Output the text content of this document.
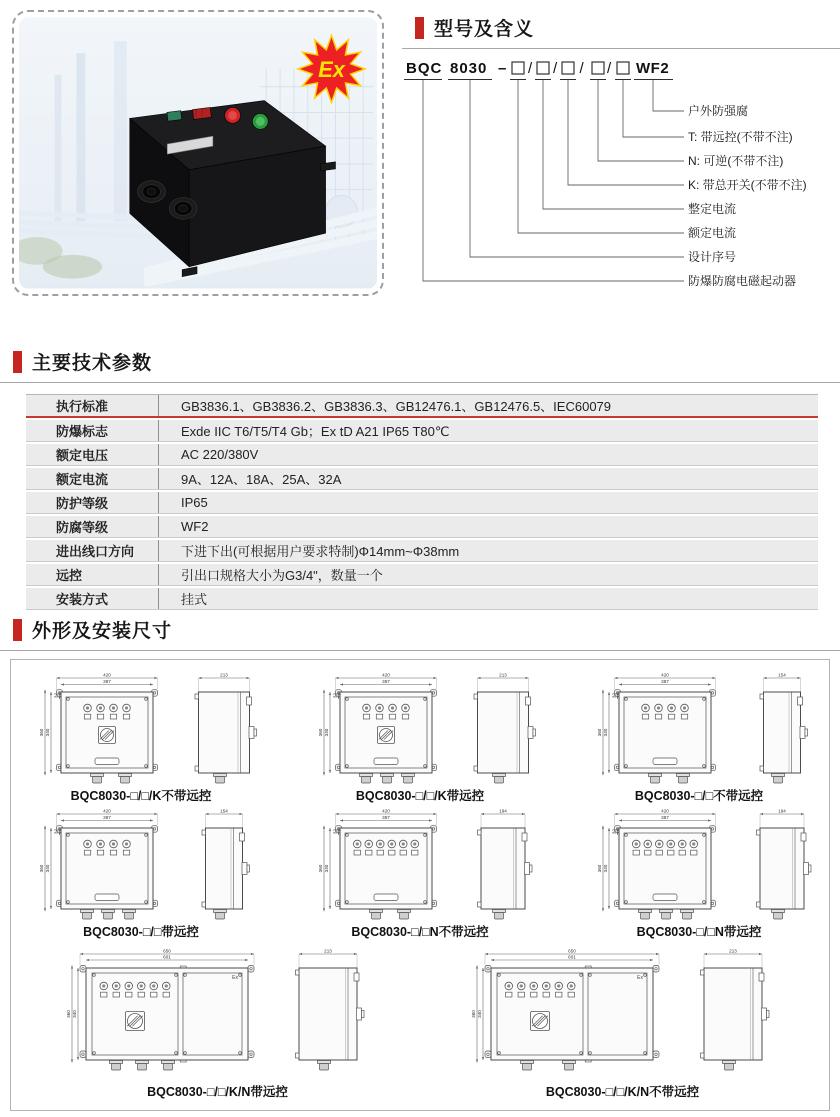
Ex
型号及含义
BQC 8030 –	WF2
/ / / /
户外防强腐
T: 带远控(不带不注)
N: 可逆(不带不注)
K: 带总开关(不带不注)
整定电流
额定电流
设计序号
防爆防腐电磁起动器
主要技术参数
执行标准	GB3836.1、GB3836.2、GB3836.3、GB12476.1、GB12476.5、IEC60079
防爆标志	Exde IIC T6/T5/T4 Gb；Ex tD A21 IP65 T80℃
额定电压	AC 220/380V
额定电流	9A、12A、18A、25A、32A
防护等级	IP65
防腐等级	WF2
进出线口方向	下进下出(可根据用户要求特制)Φ14mm~Φ38mm
远控	引出口规格大小为G3/4"，数量一个
安装方式	挂式
外形及安装尺寸
420
387
360 340
32
213
BQC8030-□/□/K不带远控
420
387
360 340
32
213
BQC8030-□/□/K带远控
420
387
360 340
32
154
BQC8030-□/□不带远控
420
387
360 340
32
154
BQC8030-□/□带远控
420
387
360 340
32
194
BQC8030-□/□N不带远控
420
387
360 340
32
194
BQC8030-□/□N带远控
650
601
360 340
Ex
213
BQC8030-□/□/K/N带远控
650
601
360 340
Ex
213
BQC8030-□/□/K/N不带远控
